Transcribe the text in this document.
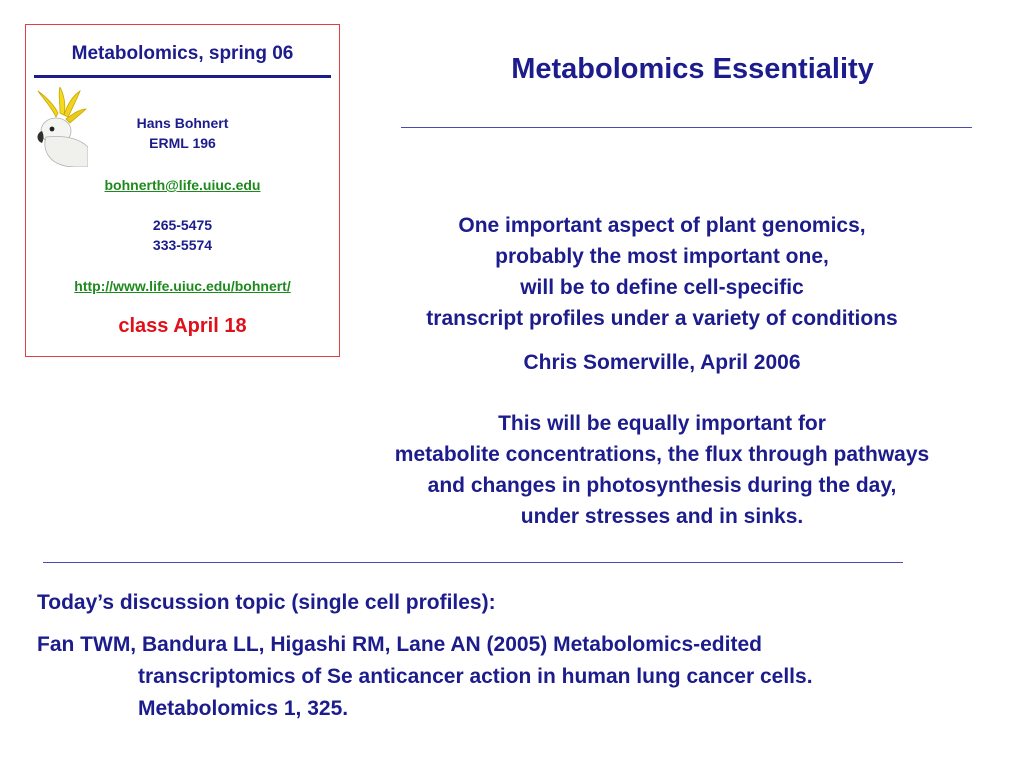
Metabolomics, spring 06
Hans Bohnert
ERML 196
bohnerth@life.uiuc.edu
265-5475
333-5574
http://www.life.uiuc.edu/bohnert/
class April 18
Metabolomics Essentiality
One important aspect of plant genomics,
probably the most important one,
will be to define cell-specific
transcript profiles under a variety of conditions
Chris Somerville, April 2006
This will be equally important for
metabolite concentrations, the flux through pathways
and changes in photosynthesis during the day,
under stresses and in sinks.
Today’s discussion topic (single cell profiles):
Fan TWM, Bandura LL, Higashi RM, Lane AN (2005) Metabolomics-edited
transcriptomics of Se anticancer action in human lung cancer cells.
Metabolomics 1, 325.
